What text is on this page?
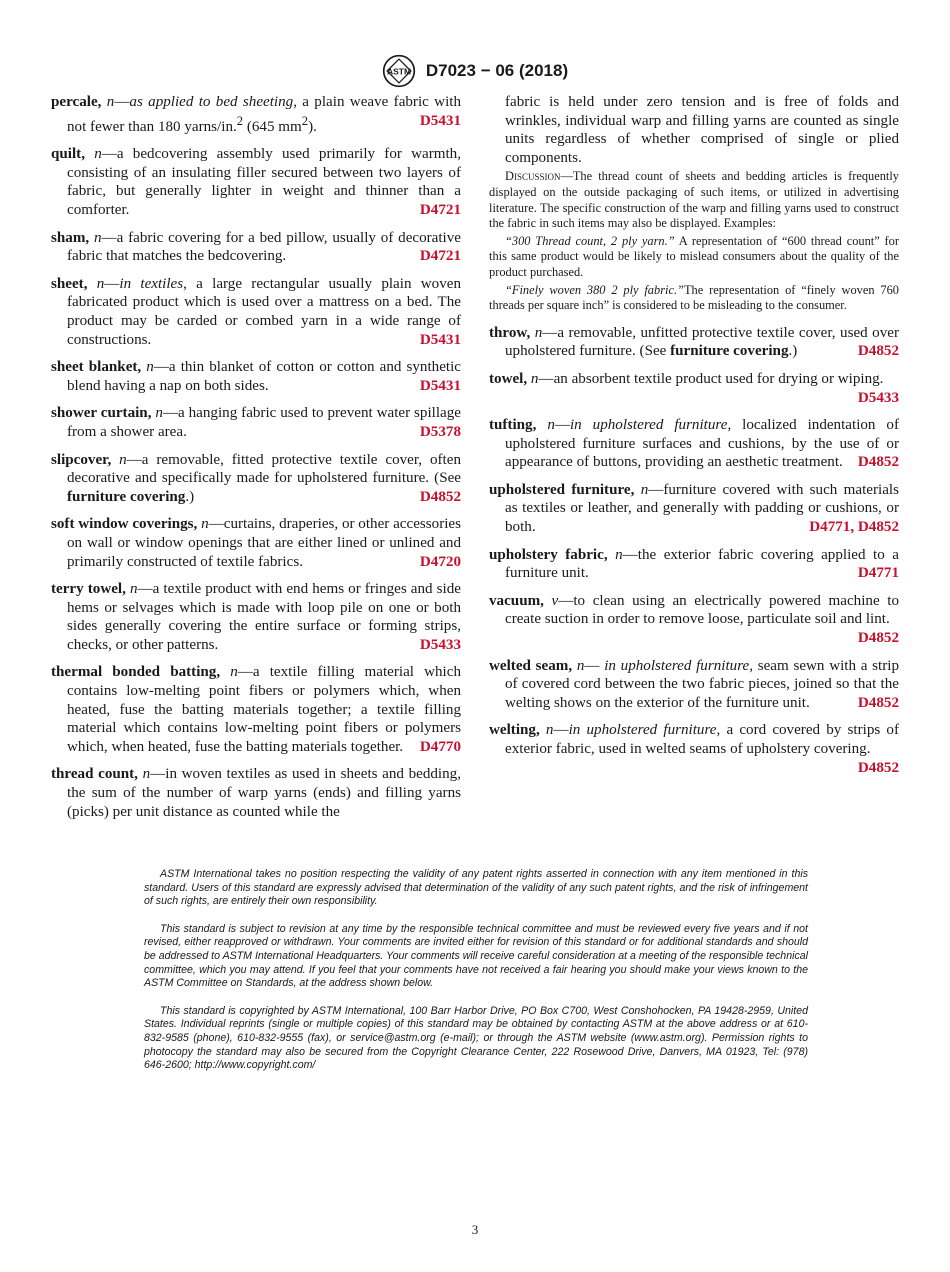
ASTM D7023 − 06 (2018)

percale, n—as applied to bed sheeting, a plain weave fabric with not fewer than 180 yarns/in.$^2$ (645 $mm^2$).	D5431

quilt, n—a bedcovering assembly used primarily for warmth, consisting of an insulating filler secured between two layers of fabric, but generally lighter in weight and thinner than a comforter.	D4721

sham, n—a fabric covering for a bed pillow, usually of decorative fabric that matches the bedcovering.	D4721

sheet, n—in textiles, a large rectangular usually plain woven fabricated product which is used over a mattress on a bed. The product may be carded or combed yarn in a wide range of constructions.	D5431

sheet blanket, n—a thin blanket of cotton or cotton and synthetic blend having a nap on both sides.	D5431

shower curtain, n—a hanging fabric used to prevent water spillage from a shower area.	D5378

slipcover, n—a removable, fitted protective textile cover, often decorative and specifically made for upholstered furniture. (See furniture covering.)	D4852

soft window coverings, n—curtains, draperies, or other accessories on wall or window openings that are either lined or unlined and primarily constructed of textile fabrics.	D4720

terry towel, n—a textile product with end hems or fringes and side hems or selvages which is made with loop pile on one or both sides generally covering the entire surface or forming strips, checks, or other patterns.	D5433

thermal bonded batting, n—a textile filling material which contains low-melting point fibers or polymers which, when heated, fuse the batting materials together; a textile filling material which contains low-melting point fibers or polymers which, when heated, fuse the batting materials together. D4770

thread count, n—in woven textiles as used in sheets and bedding, the sum of the number of warp yarns (ends) and filling yarns (picks) per unit distance as counted while the

fabric is held under zero tension and is free of folds and wrinkles, individual warp and filling yarns are counted as single units regardless of whether comprised of single or plied components.

Discussion—The thread count of sheets and bedding articles is frequently displayed on the outside packaging of such items, or utilized in advertising literature. The specific construction of the warp and filling yarns used to construct the fabric in such items may also be displayed. Examples:

“300 Thread count, 2 ply yarn.” A representation of “600 thread count” for this same product would be likely to mislead consumers about the quality of the product purchased.

“Finely woven 380 2 ply fabric.”The representation of “finely woven 760 threads per square inch” is considered to be misleading to the consumer.

throw, n—a removable, unfitted protective textile cover, used over upholstered furniture. (See furniture covering.)	D4852

towel, n—an absorbent textile product used for drying or wiping.
D5433

tufting, n—in upholstered furniture, localized indentation of upholstered furniture surfaces and cushions, by the use of or appearance of buttons, providing an aesthetic treatment. D4852

upholstered furniture, n—furniture covered with such materials as textiles or leather, and generally with padding or cushions, or both.	D4771, D4852

upholstery fabric, n—the exterior fabric covering applied to a furniture unit.	D4771

vacuum, v—to clean using an electrically powered machine to create suction in order to remove loose, particulate soil and lint.
D4852

welted seam, n— in upholstered furniture, seam sewn with a strip of covered cord between the two fabric pieces, joined so that the welting shows on the exterior of the furniture unit.	D4852

welting, n—in upholstered furniture, a cord covered by strips of exterior fabric, used in welted seams of upholstery covering.
D4852

ASTM International takes no position respecting the validity of any patent rights asserted in connection with any item mentioned in this standard. Users of this standard are expressly advised that determination of the validity of any such patent rights, and the risk of infringement of such rights, are entirely their own responsibility.

This standard is subject to revision at any time by the responsible technical committee and must be reviewed every five years and if not revised, either reapproved or withdrawn. Your comments are invited either for revision of this standard or for additional standards and should be addressed to ASTM International Headquarters. Your comments will receive careful consideration at a meeting of the responsible technical committee, which you may attend. If you feel that your comments have not received a fair hearing you should make your views known to the ASTM Committee on Standards, at the address shown below.

This standard is copyrighted by ASTM International, 100 Barr Harbor Drive, PO Box C700, West Conshohocken, PA 19428-2959, United States. Individual reprints (single or multiple copies) of this standard may be obtained by contacting ASTM at the above address or at 610-832-9585 (phone), 610-832-9555 (fax), or service@astm.org (e-mail); or through the ASTM website (www.astm.org). Permission rights to photocopy the standard may also be secured from the Copyright Clearance Center, 222 Rosewood Drive, Danvers, MA 01923, Tel: (978) 646-2600; http://www.copyright.com/

3
